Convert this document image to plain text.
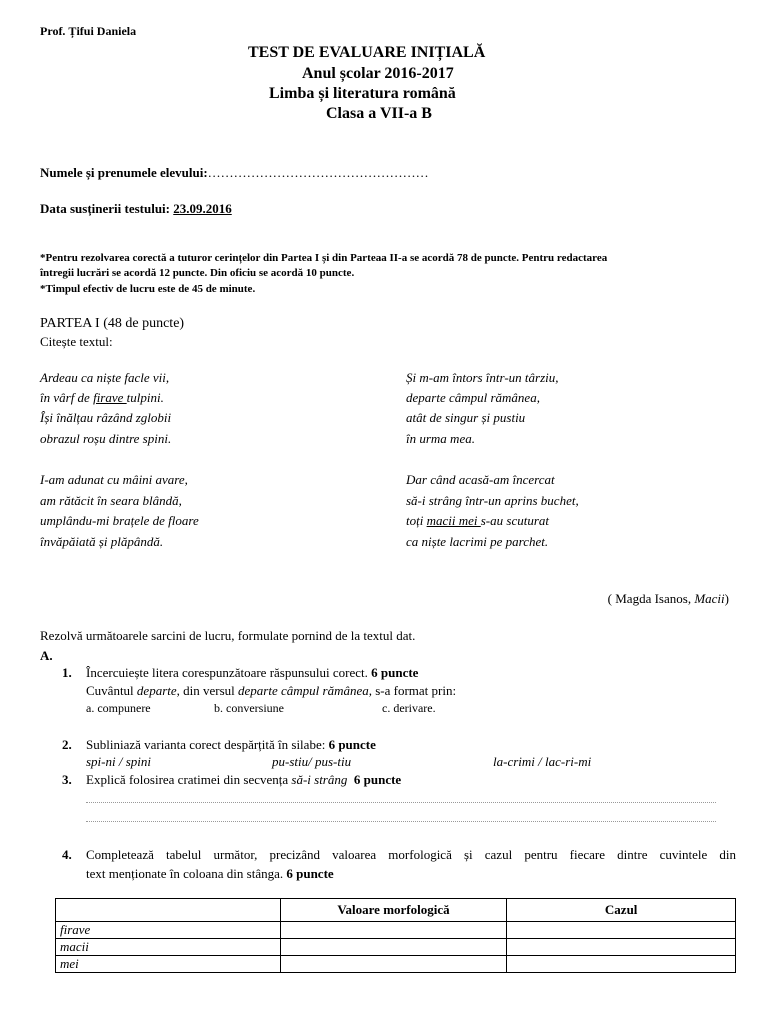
Prof. Țifui Daniela
TEST DE EVALUARE INIȚIALĂ
Anul școlar 2016-2017
Limba și literatura română
Clasa a VII-a B
Numele și prenumele elevului:……………………………………………
Data susținerii testului: 23.09.2016
*Pentru rezolvarea corectă a tuturor cerințelor din Partea I și din Parteaa II-a se acordă 78 de puncte. Pentru redactarea
întregii lucrări se acordă 12 puncte. Din oficiu se acordă 10 puncte.
*Timpul efectiv de lucru este de 45 de minute.
PARTEA I (48 de puncte)
Citește textul:
Ardeau ca niște facle vii,
în vârf de firave tulpini.
Își înălțau râzând zglobii
obrazul roșu dintre spini.
I-am adunat cu mâini avare,
am rătăcit în seara blândă,
umplându-mi brațele de floare
învăpăiată și plăpândă.
Și m-am întors într-un târziu,
departe câmpul rămânea,
atât de singur și pustiu
în urma mea.
Dar când acasă-am încercat
să-i strâng într-un aprins buchet,
toți macii mei s-au scuturat
ca niște lacrimi pe parchet.
( Magda Isanos, Macii)
Rezolvă următoarele sarcini de lucru, formulate pornind de la textul dat.
A.
1. Încercuiește litera corespunzătoare răspunsului corect. 6 puncte
Cuvântul departe, din versul departe câmpul rămânea, s-a format prin:
a. compunere	b. conversiune	c. derivare.
2. Subliniază varianta corect despărțită în silabe: 6 puncte
spi-ni / spini	pu-stiu/ pus-tiu	la-crimi / lac-ri-mi
3. Explică folosirea cratimei din secvența să-i strâng 6 puncte
4. Completează tabelul următor, precizând valoarea morfologică și cazul pentru fiecare dintre cuvintele din
text menționate în coloana din stânga. 6 puncte
	Valoare morfologică	Cazul
firave		
macii		
mei		
